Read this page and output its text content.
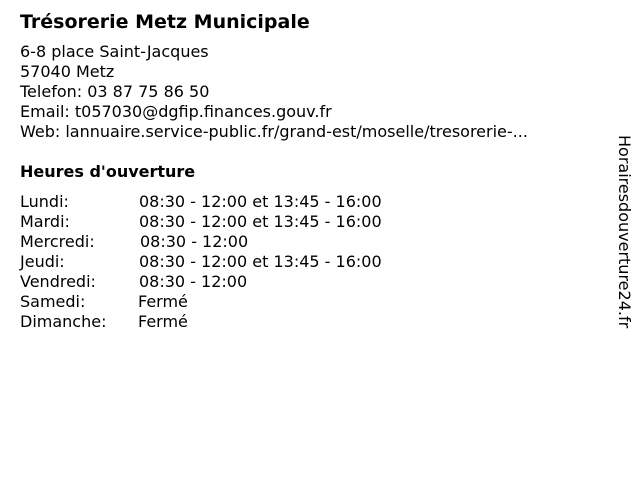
Trésorerie Metz Municipale
6-8 place Saint-Jacques
57040 Metz
Telefon: 03 87 75 86 50
Email: t057030@dgfip.finances.gouv.fr
Web: lannuaire.service-public.fr/grand-est/moselle/tresorerie-...
Heures d'ouverture
Lundi:	08:30 - 12:00 et 13:45 - 16:00
Mardi:	08:30 - 12:00 et 13:45 - 16:00
Mercredi:	08:30 - 12:00
Jeudi:	08:30 - 12:00 et 13:45 - 16:00
Vendredi:	08:30 - 12:00
Samedi:	Fermé
Dimanche: Fermé	Horairesdouverture24.fr
